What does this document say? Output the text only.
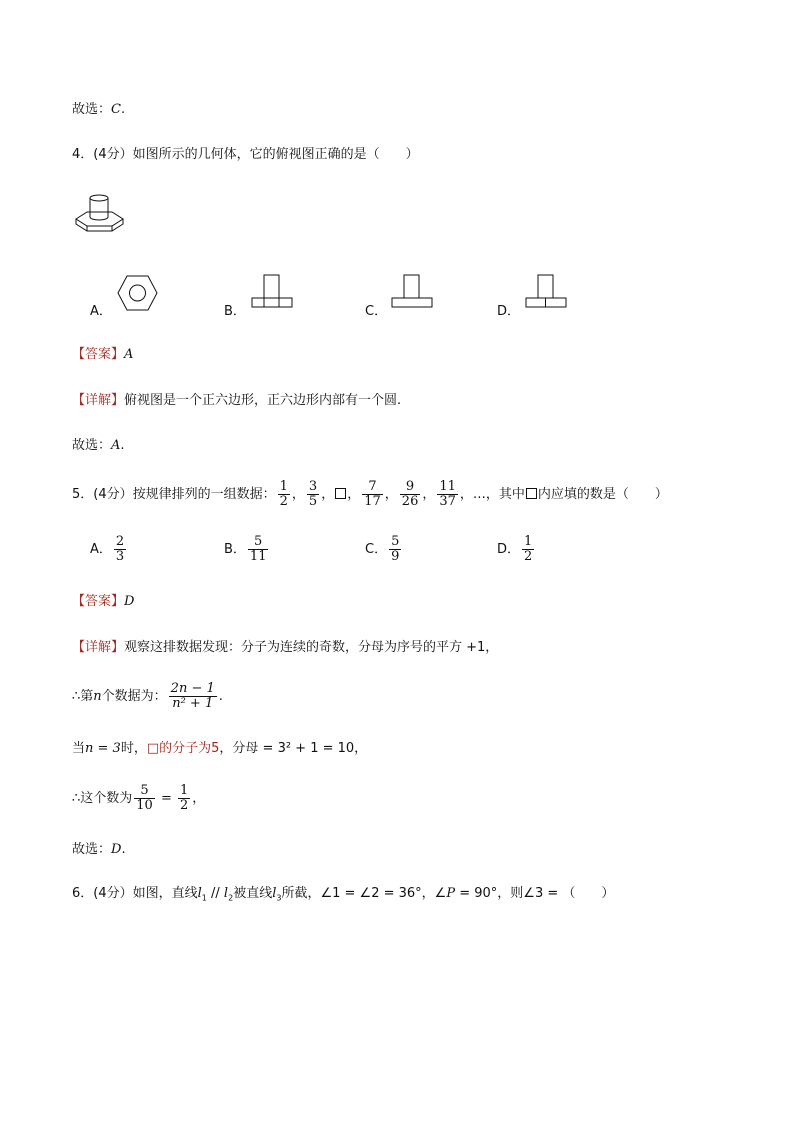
故选：C.
4．(4分）如图所示的几何体，它的俯视图正确的是（　　）
A．	B．	C．	D．
【答案】A
【详解】俯视图是一个正六边形，正六边形内部有一个圆.
故选：A.
5．(4分）按规律排列的一组数据： $\frac{1}{2}$ ， $\frac{3}{5}$ ， ， $\frac{7}{17}$ ， $\frac{9}{26}$ ， $\frac{11}{37}$ ，…，其中 内应填的数是（　　）
A． $\frac{2}{3}$	B． $\frac{5}{11}$	C． $\frac{5}{9}$	D． $\frac{1}{2}$
【答案】D
【详解】观察这排数据发现：分子为连续的奇数，分母为序号的平方 +1，
∴第n个数据为： $\frac{2n - 1}{\text{n² + 1}}$ .
当n = 3时，□的分子为5，分母 = 3² + 1 = 10，
∴这个数为 $\frac{5}{10} = \frac{1}{2}$ ，
故选：D.
6．(4分）如图，直线$l_1 // l_2$被直线$l_3$所截，∠1 = ∠2 = 36°，∠P = 90°，则∠3 = （　　）
